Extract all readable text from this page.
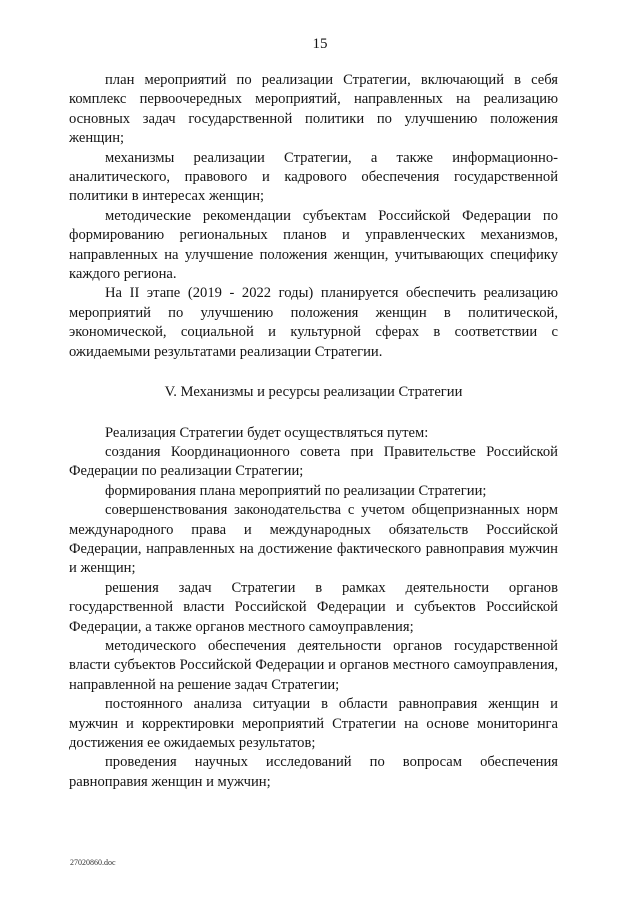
15

план мероприятий по реализации Стратегии, включающий в себя комплекс первоочередных мероприятий, направленных на реализацию основных задач государственной политики по улучшению положения женщин;

механизмы реализации Стратегии, а также информационно-аналитического, правового и кадрового обеспечения государственной политики в интересах женщин;

методические рекомендации субъектам Российской Федерации по формированию региональных планов и управленческих механизмов, направленных на улучшение положения женщин, учитывающих специфику каждого региона.

На II этапе (2019 - 2022 годы) планируется обеспечить реализацию мероприятий по улучшению положения женщин в политической, экономической, социальной и культурной сферах в соответствии с ожидаемыми результатами реализации Стратегии.

V. Механизмы и ресурсы реализации Стратегии

Реализация Стратегии будет осуществляться путем:

создания Координационного совета при Правительстве Российской Федерации по реализации Стратегии;

формирования плана мероприятий по реализации Стратегии;

совершенствования законодательства с учетом общепризнанных норм международного права и международных обязательств Российской Федерации, направленных на достижение фактического равноправия мужчин и женщин;

решения задач Стратегии в рамках деятельности органов государственной власти Российской Федерации и субъектов Российской Федерации, а также органов местного самоуправления;

методического обеспечения деятельности органов государственной власти субъектов Российской Федерации и органов местного самоуправления, направленной на решение задач Стратегии;

постоянного анализа ситуации в области равноправия женщин и мужчин и корректировки мероприятий Стратегии на основе мониторинга достижения ее ожидаемых результатов;

проведения научных исследований по вопросам обеспечения равноправия женщин и мужчин;

27020860.doc
